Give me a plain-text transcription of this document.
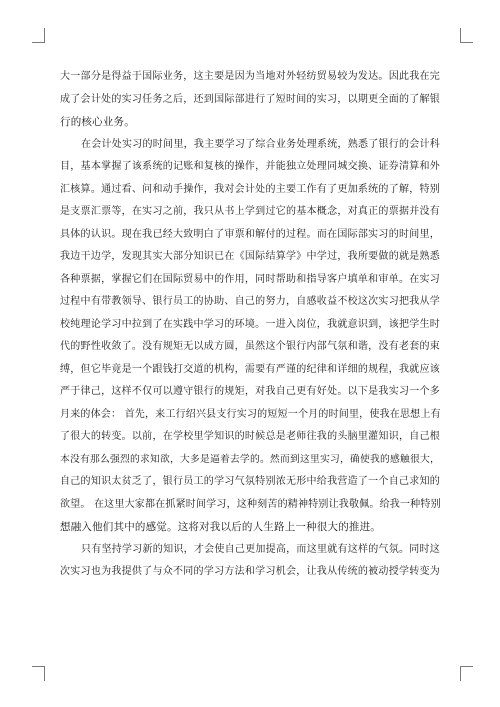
大一部分是得益于国际业务，这主要是因为当地对外轻纺贸易较为发达。因此我在完
成了会计处的实习任务之后，还到国际部进行了短时间的实习，以期更全面的了解银
行的核心业务。
在会计处实习的时间里，我主要学习了综合业务处理系统，熟悉了银行的会计科
目，基本掌握了该系统的记账和复核的操作，并能独立处理同城交换、证券清算和外
汇核算。通过看、问和动手操作，我对会计处的主要工作有了更加系统的了解，特别
是支票汇票等，在实习之前，我只从书上学到过它的基本概念，对真正的票据并没有
具体的认识。现在我已经大致明白了审票和解付的过程。而在国际部实习的时间里，
我边干边学，发现其实大部分知识已在《国际结算学》中学过，我所要做的就是熟悉
各种票据，掌握它们在国际贸易中的作用，同时帮助和指导客户填单和审单。在实习
过程中有带教领导、银行员工的协助、自己的努力，自感收益不校这次实习把我从学
校纯理论学习中拉到了在实践中学习的环境。一进入岗位，我就意识到，该把学生时
代的野性收敛了。没有规矩无以成方圆，虽然这个银行内部气氛和谐，没有老套的束
缚，但它毕竟是一个跟钱打交道的机构，需要有严谨的纪律和详细的规程，我就应该
严于律己，这样不仅可以遵守银行的规矩，对我自己更有好处。以下是我实习一个多
月来的体会： 首先，来工行绍兴县支行实习的短短一个月的时间里，使我在思想上有
了很大的转变。以前，在学校里学知识的时候总是老师往我的头脑里灌知识，自己根
本没有那么强烈的求知欲，大多是逼着去学的。然而到这里实习，确使我的感触很大，
自己的知识太贫乏了，银行员工的学习气氛特别浓无形中给我营造了一个自己求知的
欲望。 在这里大家都在抓紧时间学习，这种刻苦的精神特别让我敬佩。给我一种特别
想融入他们其中的感觉。这将对我以后的人生路上一种很大的推进。
只有坚持学习新的知识，才会使自己更加提高，而这里就有这样的气氛。同时这
次实习也为我提供了与众不同的学习方法和学习机会，让我从传统的被动授学转变为
